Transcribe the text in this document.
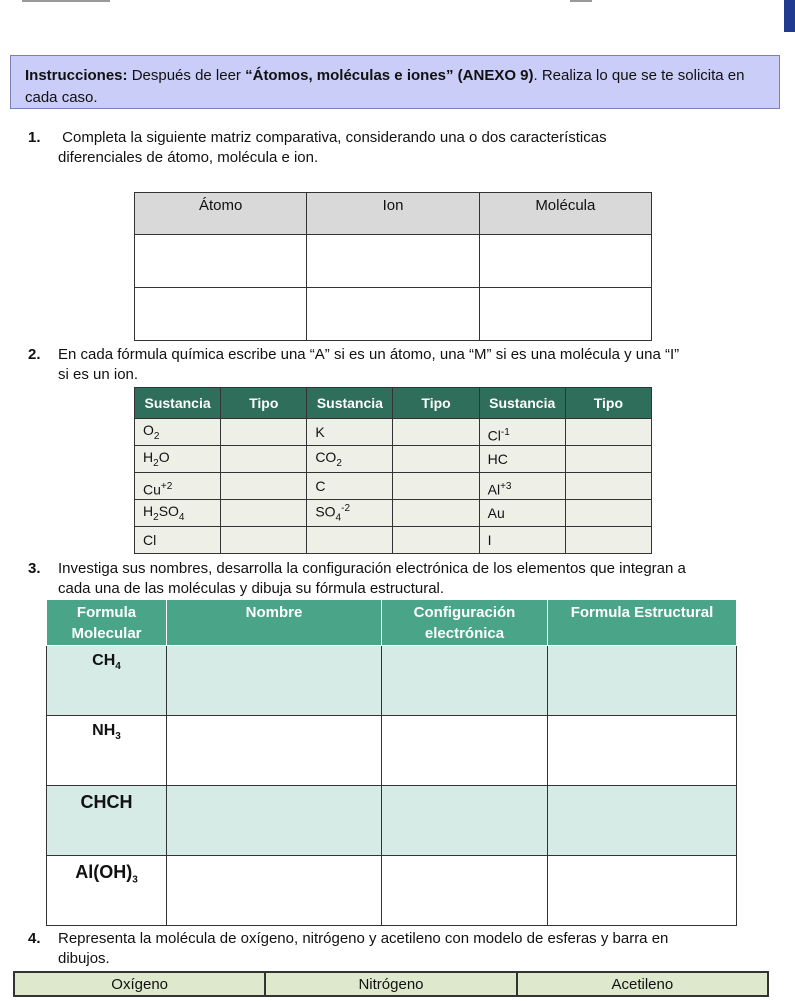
Instrucciones: Después de leer “Átomos, moléculas e iones” (ANEXO 9). Realiza lo que se te solicita en cada caso.
1. Completa la siguiente matriz comparativa, considerando una o dos características
diferenciales de átomo, molécula e ion.
Átomo	Ion	Molécula

2. En cada fórmula química escribe una “A” si es un átomo, una “M” si es una molécula y una “I”
si es un ion.
Sustancia	Tipo	Sustancia	Tipo	Sustancia	Tipo
$O_2$		K		$Cl^{-1}$	
$H_2O$		$CO_2$		HC	
$Cu^{+2}$		C		$Al^{+3}$	
$H_2SO_4$		$SO_4^{-2}$		Au	
Cl				I	
3. Investiga sus nombres, desarrolla la configuración electrónica de los elementos que integran a
cada una de las moléculas y dibuja su fórmula estructural.
Formula Molecular	Nombre	Configuración electrónica	Formula Estructural
$CH_4$			
$NH_3$			
CHCH			
$Al(OH)_3$			
4. Representa la molécula de oxígeno, nitrógeno y acetileno con modelo de esferas y barra en
dibujos.
Oxígeno	Nitrógeno	Acetileno
